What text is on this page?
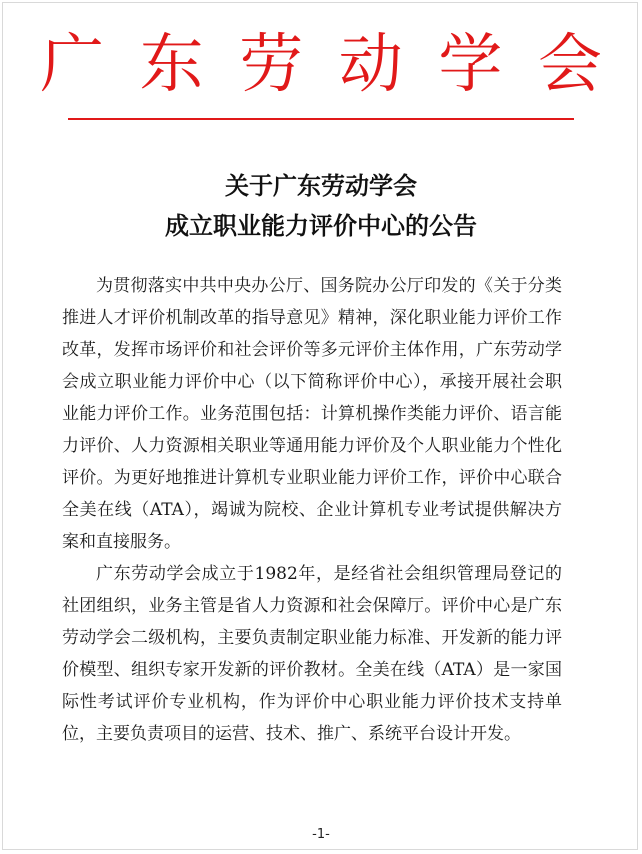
广 东 劳 动 学 会
关于广东劳动学会
成立职业能力评价中心的公告

为贯彻落实中共中央办公厅、国务院办公厅印发的《关于分类推进人才评价机制改革的指导意见》精神，深化职业能力评价工作改革，发挥市场评价和社会评价等多元评价主体作用，广东劳动学会成立职业能力评价中心（以下简称评价中心），承接开展社会职业能力评价工作。业务范围包括：计算机操作类能力评价、语言能力评价、人力资源相关职业等通用能力评价及个人职业能力个性化评价。为更好地推进计算机专业职业能力评价工作，评价中心联合全美在线（ATA），竭诚为院校、企业计算机专业考试提供解决方案和直接服务。

广东劳动学会成立于1982年，是经省社会组织管理局登记的社团组织，业务主管是省人力资源和社会保障厅。评价中心是广东劳动学会二级机构，主要负责制定职业能力标准、开发新的能力评价模型、组织专家开发新的评价教材。全美在线（ATA）是一家国际性考试评价专业机构，作为评价中心职业能力评价技术支持单位，主要负责项目的运营、技术、推广、系统平台设计开发。

-1-
